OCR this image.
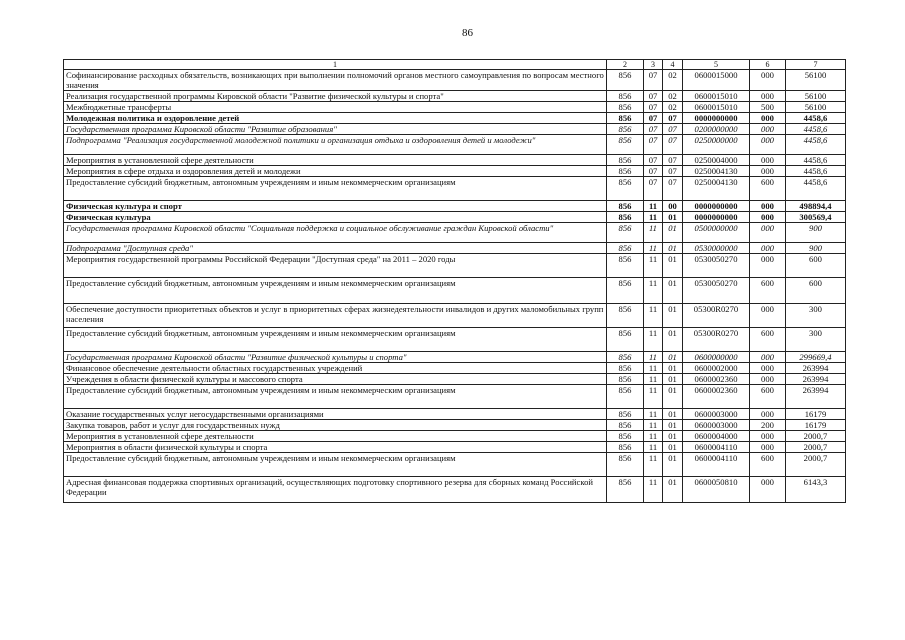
86
1	2	3	4	5	6	7
Софинансирование расходных обязательств, возникающих при выполнении полномочий органов местного самоуправления по вопросам местного значения	856	07	02	0600015000	000	56100
Реализация государственной программы Кировской области "Развитие физической культуры и спорта"	856	07	02	0600015010	000	56100
Межбюджетные трансферты	856	07	02	0600015010	500	56100
Молодежная политика и оздоровление детей	856	07	07	0000000000	000	4458,6
Государственная программа Кировской области "Развитие образования"	856	07	07	0200000000	000	4458,6
Подпрограмма "Реализация государственной молодежной политики и организация отдыха и оздоровления детей и молодежи"	856	07	07	0250000000	000	4458,6
Мероприятия в установленной сфере деятельности	856	07	07	0250004000	000	4458,6
Мероприятия в сфере отдыха и оздоровления детей и молодежи	856	07	07	0250004130	000	4458,6
Предоставление субсидий бюджетным, автономным учреждениям и иным некоммерческим организациям	856	07	07	0250004130	600	4458,6
Физическая культура и спорт	856	11	00	0000000000	000	498894,4
Физическая культура	856	11	01	0000000000	000	300569,4
Государственная программа Кировской области "Социальная поддержка и социальное обслуживание граждан Кировской области"	856	11	01	0500000000	000	900
Подпрограмма "Доступная среда"	856	11	01	0530000000	000	900
Мероприятия государственной программы Российской Федерации "Доступная среда" на 2011 – 2020 годы	856	11	01	0530050270	000	600
Предоставление субсидий бюджетным, автономным учреждениям и иным некоммерческим организациям	856	11	01	0530050270	600	600
Обеспечение доступности приоритетных объектов и услуг в приоритетных сферах жизнедеятельности инвалидов и других маломобильных групп населения	856	11	01	05300R0270	000	300
Предоставление субсидий бюджетным, автономным учреждениям и иным некоммерческим организациям	856	11	01	05300R0270	600	300
Государственная программа Кировской области "Развитие физической культуры и спорта"	856	11	01	0600000000	000	299669,4
Финансовое обеспечение деятельности областных государственных учреждений	856	11	01	0600002000	000	263994
Учреждения в области физической культуры и массового спорта	856	11	01	0600002360	000	263994
Предоставление субсидий бюджетным, автономным учреждениям и иным некоммерческим организациям	856	11	01	0600002360	600	263994
Оказание государственных услуг негосударственными организациями	856	11	01	0600003000	000	16179
Закупка товаров, работ и услуг для государственных нужд	856	11	01	0600003000	200	16179
Мероприятия в установленной сфере деятельности	856	11	01	0600004000	000	2000,7
Мероприятия в области физической культуры и спорта	856	11	01	0600004110	000	2000,7
Предоставление субсидий бюджетным, автономным учреждениям и иным некоммерческим организациям	856	11	01	0600004110	600	2000,7
Адресная финансовая поддержка спортивных организаций, осуществляющих подготовку спортивного резерва для сборных команд Российской Федерации	856	11	01	0600050810	000	6143,3
